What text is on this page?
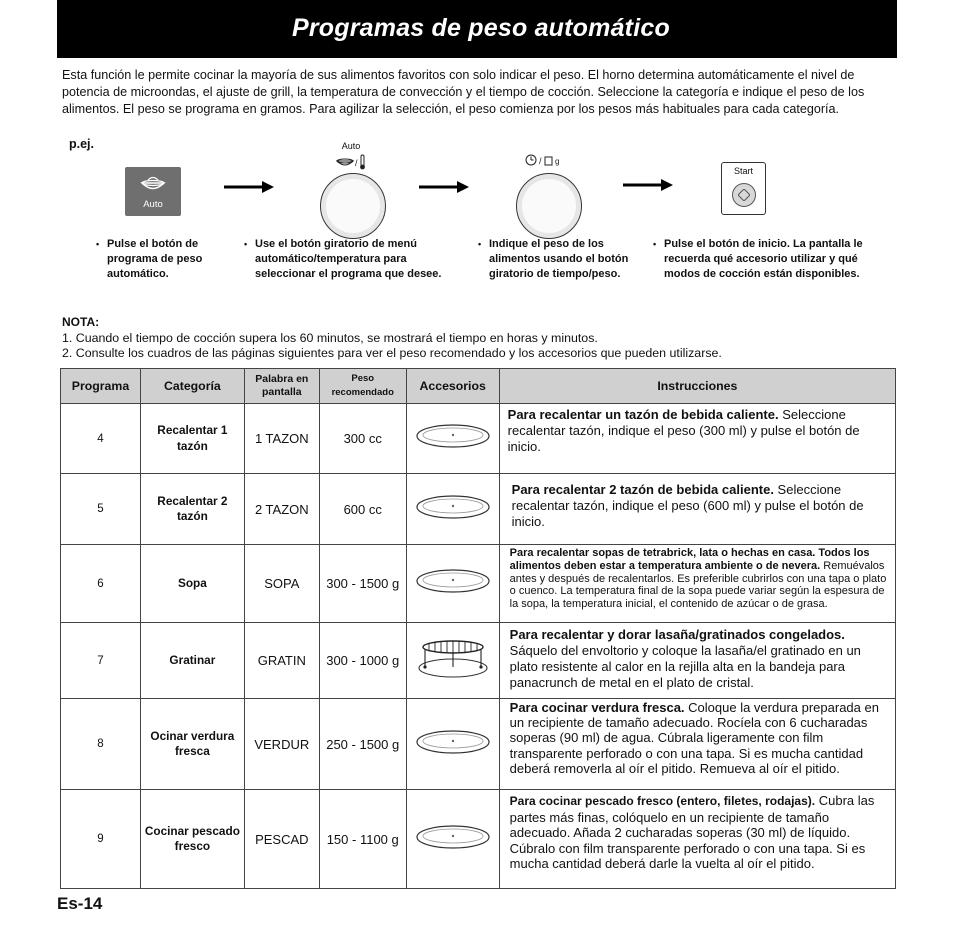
Programas de peso automático

Esta función le permite cocinar la mayoría de sus alimentos favoritos con solo indicar el peso. El horno determina automáticamente el nivel de potencia de microondas, el ajuste de grill, la temperatura de convección y el tiempo de cocción. Seleccione la categoría e indique el peso de los alimentos. El peso se programa en gramos. Para agilizar la selección, el peso comienza por los pesos más habituales para cada categoría.

p.ej.
Auto
Auto
/	/ g
Start
• Pulse el botón de programa de peso automático.
• Use el botón giratorio de menú automático/temperatura para seleccionar el programa que desee.
• Indique el peso de los alimentos usando el botón giratorio de tiempo/peso.
• Pulse el botón de inicio. La pantalla le recuerda qué accesorio utilizar y qué modos de cocción están disponibles.
NOTA:
1. Cuando el tiempo de cocción supera los 60 minutos, se mostrará el tiempo en horas y minutos.
2. Consulte los cuadros de las páginas siguientes para ver el peso recomendado y los accesorios que pueden utilizarse.
Programa	Categoría	Palabra en pantalla	Peso recomendado	Accesorios	Instrucciones
4	Recalentar 1 tazón	1 TAZON	300 cc		Para recalentar un tazón de bebida caliente. Seleccione recalentar tazón, indique el peso (300 ml) y pulse el botón de inicio.
5	Recalentar 2 tazón	2 TAZON	600 cc		Para recalentar 2 tazón de bebida caliente. Seleccione recalentar tazón, indique el peso (600 ml) y pulse el botón de inicio.
6	Sopa	SOPA	300 - 1500 g		Para recalentar sopas de tetrabrick, lata o hechas en casa. Todos los alimentos deben estar a temperatura ambiente o de nevera. Remuévalos antes y después de recalentarlos. Es preferible cubrirlos con una tapa o plato o cuenco. La temperatura final de la sopa puede variar según la espesura de la sopa, la temperatura inicial, el contenido de azúcar o de grasa.
7	Gratinar	GRATIN	300 - 1000 g		Para recalentar y dorar lasaña/gratinados congelados. Sáquelo del envoltorio y coloque la lasaña/el gratinado en un plato resistente al calor en la rejilla alta en la bandeja para panacrunch de metal en el plato de cristal.
8	Ocinar verdura fresca	VERDUR	250 - 1500 g		Para cocinar verdura fresca. Coloque la verdura preparada en un recipiente de tamaño adecuado. Rocíela con 6 cucharadas soperas (90 ml) de agua. Cúbrala ligeramente con film transparente perforado o con una tapa. Si es mucha cantidad deberá removerla al oír el pitido. Remueva al oír el pitido.
9	Cocinar pescado fresco	PESCAD	150 - 1100 g		Para cocinar pescado fresco (entero, filetes, rodajas). Cubra las partes más finas, colóquelo en un recipiente de tamaño adecuado. Añada 2 cucharadas soperas (30 ml) de líquido. Cúbralo con film transparente perforado o con una tapa. Si es mucha cantidad deberá darle la vuelta al oír el pitido.
Es-14
